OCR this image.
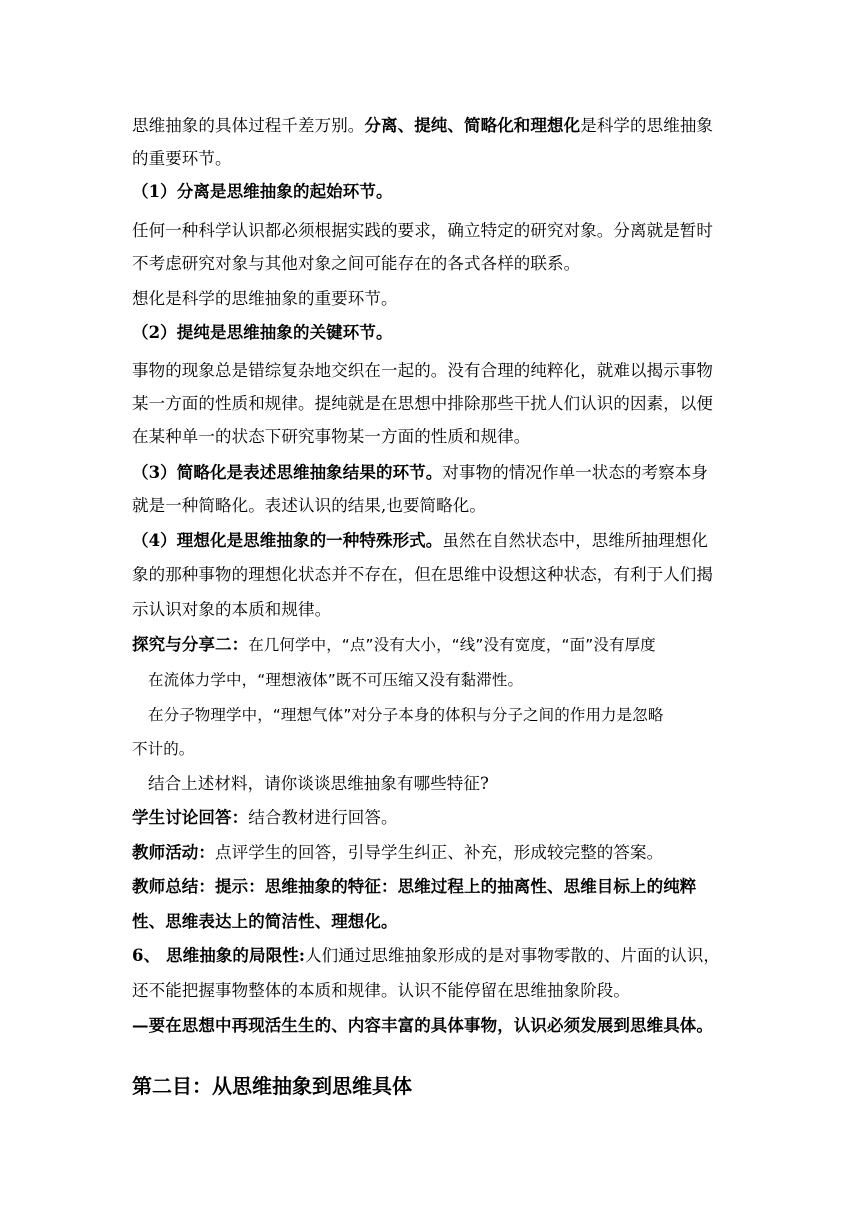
思维抽象的具体过程千差万别。分离、提纯、简略化和理想化是科学的思维抽象
的重要环节。
（1）分离是思维抽象的起始环节。
任何一种科学认识都必须根据实践的要求，确立特定的研究对象。分离就是暂时
不考虑研究对象与其他对象之间可能存在的各式各样的联系。
想化是科学的思维抽象的重要环节。
（2）提纯是思维抽象的关键环节。
事物的现象总是错综复杂地交织在一起的。没有合理的纯粹化，就难以揭示事物
某一方面的性质和规律。提纯就是在思想中排除那些干扰人们认识的因素，以便
在某种单一的状态下研究事物某一方面的性质和规律。
（3）简略化是表述思维抽象结果的环节。对事物的情况作单一状态的考察本身
就是一种简略化。表述认识的结果,也要简略化。
（4）理想化是思维抽象的一种特殊形式。虽然在自然状态中，思维所抽理想化
象的那种事物的理想化状态并不存在，但在思维中设想这种状态，有利于人们揭
示认识对象的本质和规律。
探究与分享二：在几何学中，“点”没有大小，“线”没有宽度，“面”没有厚度
在流体力学中，“理想液体”既不可压缩又没有黏滞性。
在分子物理学中，“理想气体”对分子本身的体积与分子之间的作用力是忽略
不计的。
结合上述材料，请你谈谈思维抽象有哪些特征?
学生讨论回答：结合教材进行回答。
教师活动：点评学生的回答，引导学生纠正、补充，形成较完整的答案。
教师总结：提示：思维抽象的特征：思维过程上的抽离性、思维目标上的纯粹
性、思维表达上的简洁性、理想化。
6、 思维抽象的局限性:人们通过思维抽象形成的是对事物零散的、片面的认识，
还不能把握事物整体的本质和规律。认识不能停留在思维抽象阶段。
—要在思想中再现活生生的、内容丰富的具体事物，认识必须发展到思维具体。
第二目：从思维抽象到思维具体
